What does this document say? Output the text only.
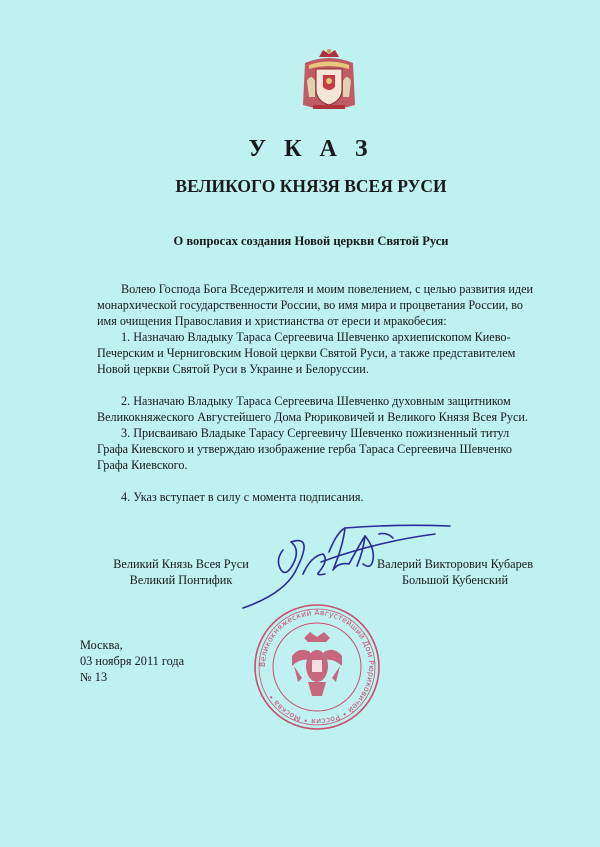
У К А З
ВЕЛИКОГО КНЯЗЯ ВСЕЯ РУСИ
О вопросах создания Новой церкви Святой Руси
Волею Господа Бога Вседержителя и моим повелением, с целью развития идеи монархической государственности России, во имя мира и процветания России, во имя очищения Православия и христианства от ереси и мракобесия:
1. Назначаю Владыку Тараса Сергеевича Шевченко архиепископом Киево-Печерским и Черниговским Новой церкви Святой Руси, а также представителем Новой церкви Святой Руси в Украине и Белоруссии.
2. Назначаю Владыку Тараса Сергеевича Шевченко духовным защитником Великокняжеского Августейшего Дома Рюриковичей и Великого Князя Всея Руси.
3. Присваиваю Владыке Тарасу Сергеевичу Шевченко пожизненный титул Графа Киевского и утверждаю изображение герба Тараса Сергеевича Шевченко Графа Киевского.
4. Указ вступает в силу с момента подписания.
Великий Князь Всея Руси
Великий Понтифик
Валерий Викторович Кубарев
Большой Кубенский
Великокняжеский Августейший Дом Рюриковичей • Россия • Москва •
Москва,
03 ноября 2011 года
№ 13
